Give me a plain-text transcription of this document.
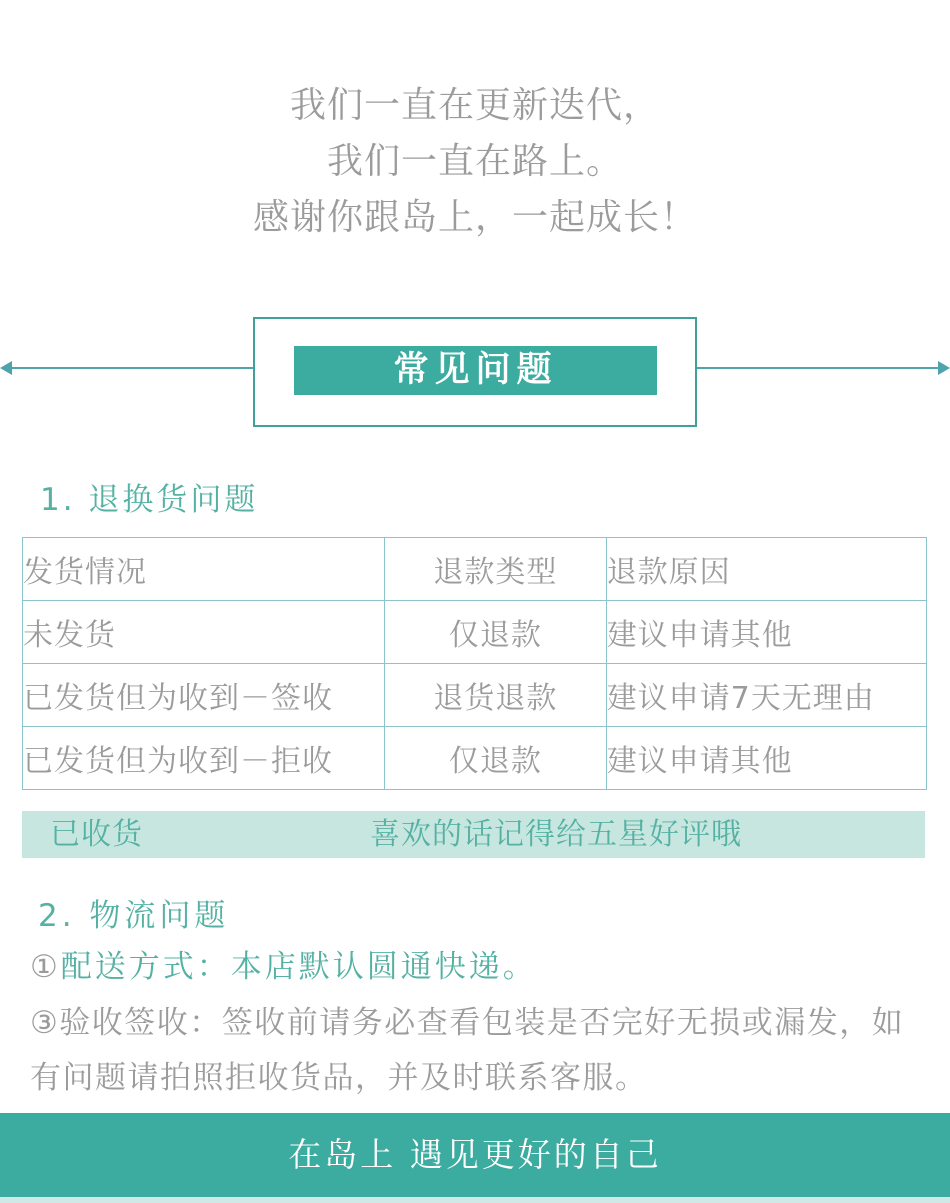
我们一直在更新迭代，
我们一直在路上。
感谢你跟岛上，一起成长！
常见问题
1. 退换货问题
发货情况	退款类型	退款原因
未发货	仅退款	建议申请其他
已发货但为收到－签收	退货退款	建议申请7天无理由
已发货但为收到－拒收	仅退款	建议申请其他
已收货	喜欢的话记得给五星好评哦
2. 物流问题
①配送方式：本店默认圆通快递。
③验收签收：签收前请务必查看包装是否完好无损或漏发，如有问题请拍照拒收货品，并及时联系客服。
在岛上 遇见更好的自己
